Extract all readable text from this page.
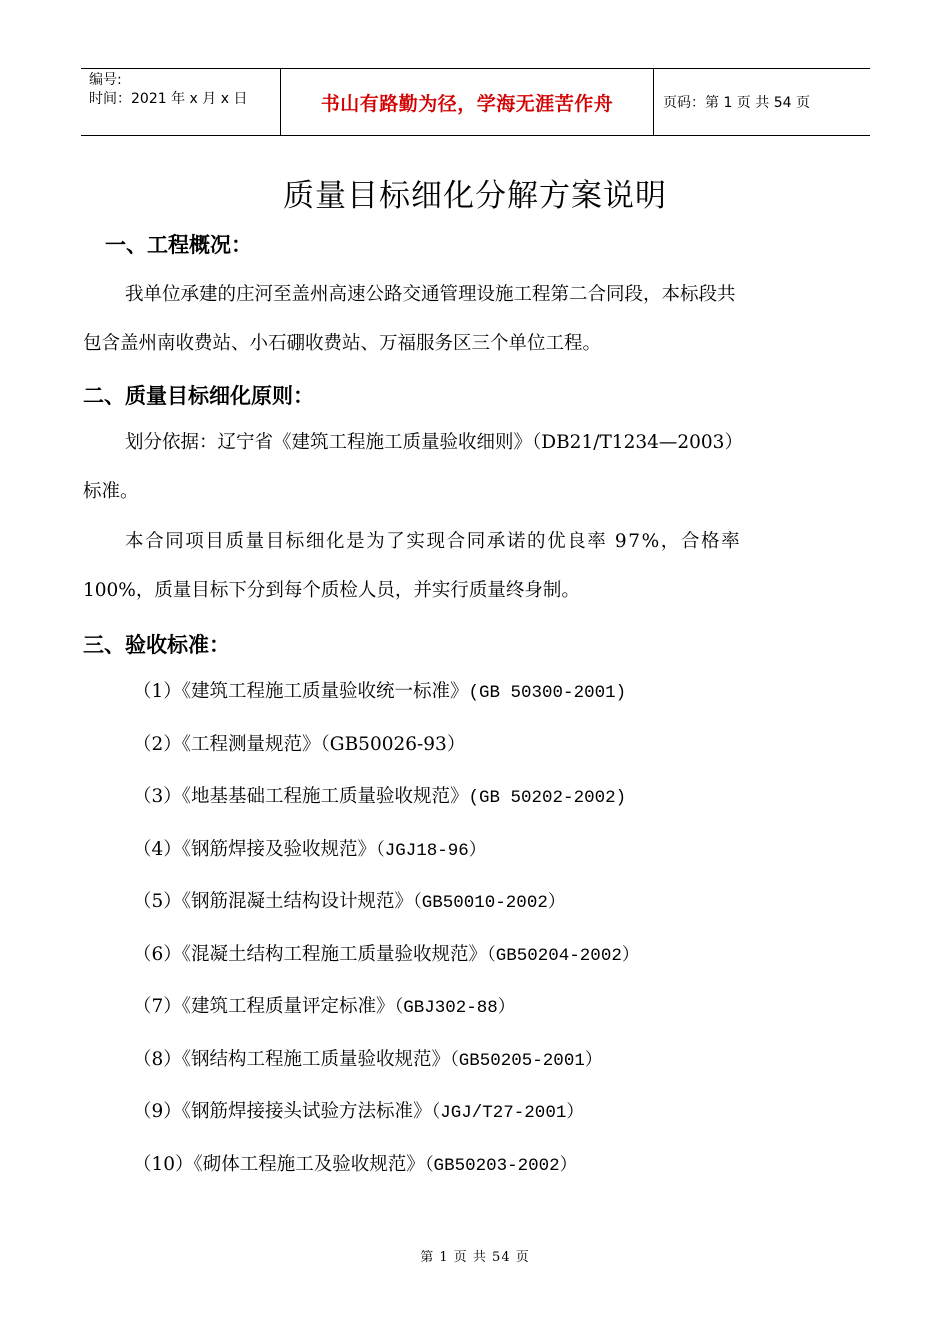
编号:
时间：2021 年 x 月 x 日	书山有路勤为径，学海无涯苦作舟	页码：第 1 页 共 54 页
质量目标细化分解方案说明
一、工程概况：
我单位承建的庄河至盖州高速公路交通管理设施工程第二合同段，本标段共
包含盖州南收费站、小石硼收费站、万福服务区三个单位工程。
二、质量目标细化原则：
划分依据：辽宁省《建筑工程施工质量验收细则》（DB21/T1234—2003）
标准。
本合同项目质量目标细化是为了实现合同承诺的优良率 97%，合格率
100%，质量目标下分到每个质检人员，并实行质量终身制。
三、验收标准：
（1）《建筑工程施工质量验收统一标准》(GB 50300-2001)
（2）《工程测量规范》（GB50026-93）
（3）《地基基础工程施工质量验收规范》(GB 50202-2002)
（4）《钢筋焊接及验收规范》（JGJ18-96）
（5）《钢筋混凝土结构设计规范》（GB50010-2002）
（6）《混凝土结构工程施工质量验收规范》（GB50204-2002）
（7）《建筑工程质量评定标准》（GBJ302-88）
（8）《钢结构工程施工质量验收规范》（GB50205-2001）
（9）《钢筋焊接接头试验方法标准》（JGJ/T27-2001）
（10）《砌体工程施工及验收规范》（GB50203-2002）
第 1 页 共 54 页
